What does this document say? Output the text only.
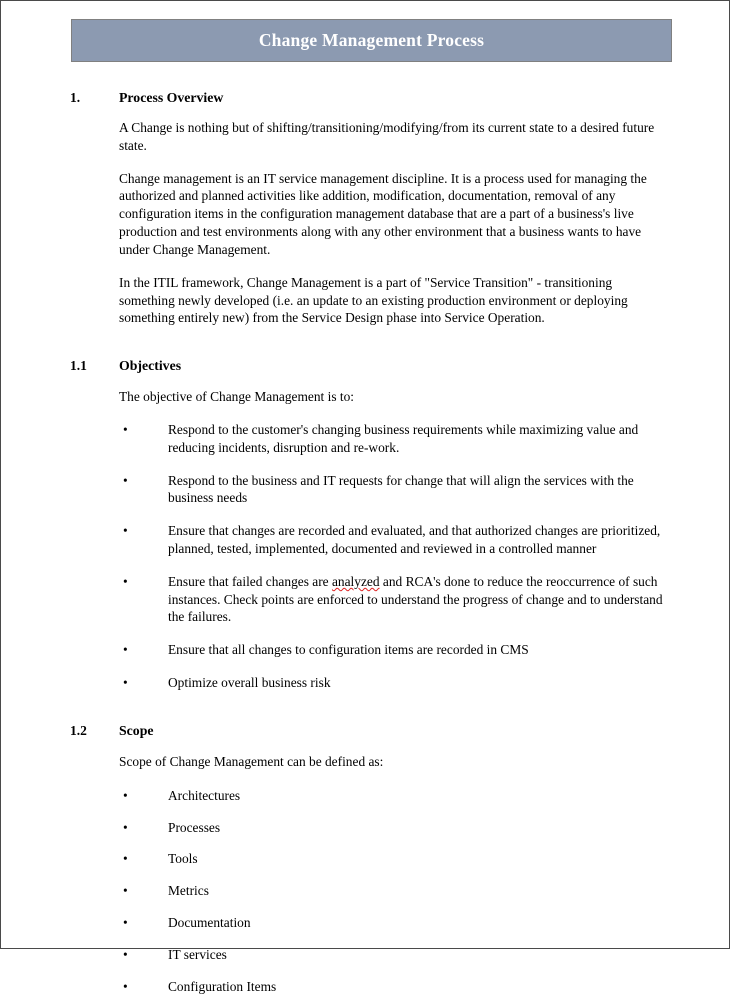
Change Management Process
1.	Process Overview

A Change is nothing but of shifting/transitioning/modifying/from its current state to a desired future state.

Change management is an IT service management discipline. It is a process used for managing the authorized and planned activities like addition, modification, documentation, removal of any configuration items in the configuration management database that are a part of a business's live production and test environments along with any other environment that a business wants to have under Change Management.

In the ITIL framework, Change Management is a part of "Service Transition" - transitioning something newly developed (i.e. an update to an existing production environment or deploying something entirely new) from the Service Design phase into Service Operation.

1.1	Objectives

The objective of Change Management is to:

•	Respond to the customer's changing business requirements while maximizing value and reducing incidents, disruption and re-work.
•	Respond to the business and IT requests for change that will align the services with the business needs
•	Ensure that changes are recorded and evaluated, and that authorized changes are prioritized, planned, tested, implemented, documented and reviewed in a controlled manner
•	Ensure that failed changes are analyzed and RCA's done to reduce the reoccurrence of such instances. Check points are enforced to understand the progress of change and to understand the failures.
•	Ensure that all changes to configuration items are recorded in CMS
•	Optimize overall business risk
1.2	Scope

Scope of Change Management can be defined as:

•	Architectures
•	Processes
•	Tools
•	Metrics
•	Documentation
•	IT services
•	Configuration Items
